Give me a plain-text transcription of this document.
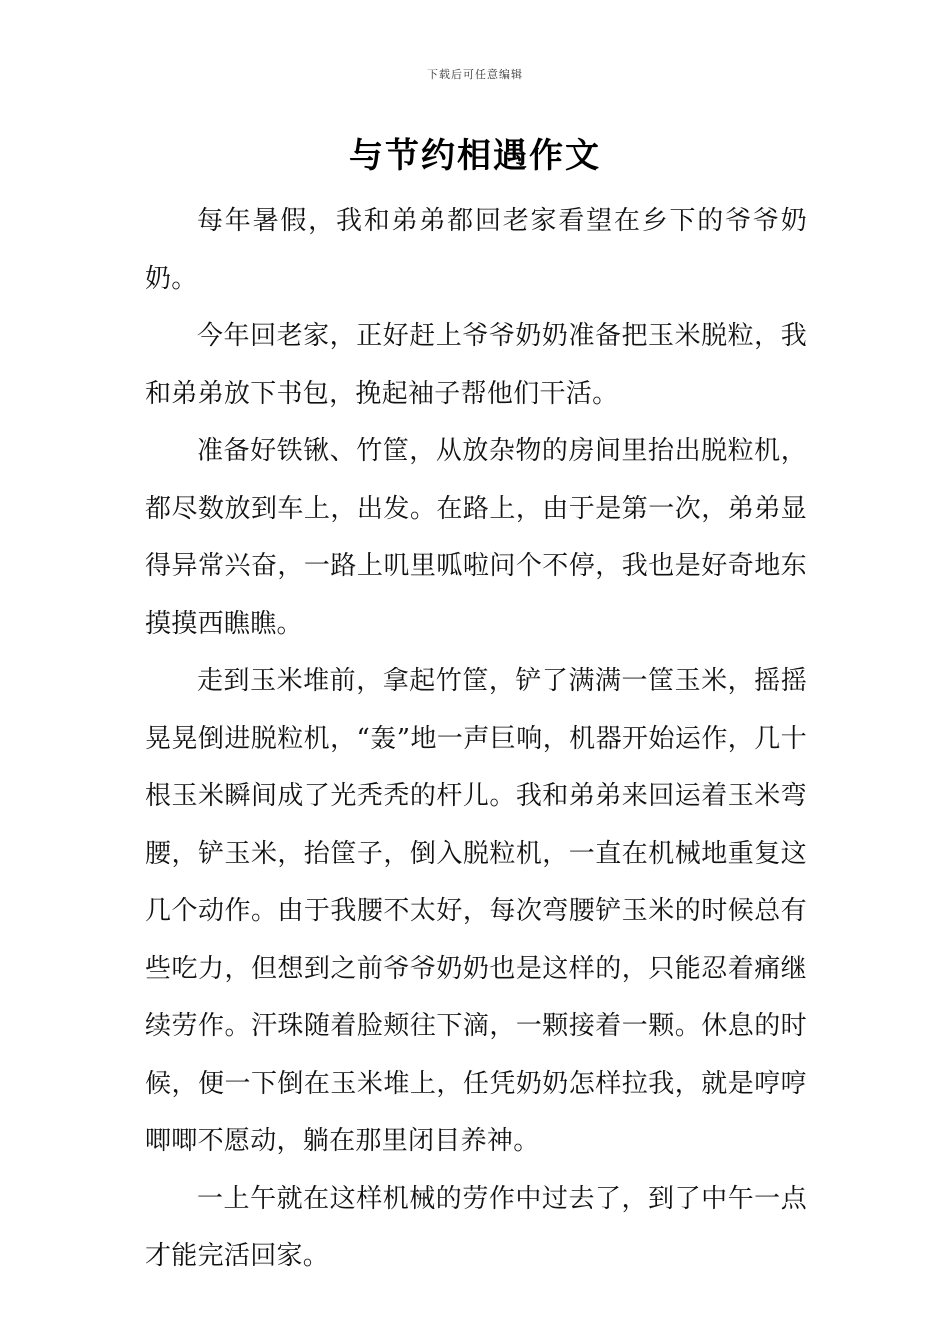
下载后可任意编辑
与节约相遇作文

每年暑假，我和弟弟都回老家看望在乡下的爷爷奶奶。

今年回老家，正好赶上爷爷奶奶准备把玉米脱粒，我和弟弟放下书包，挽起袖子帮他们干活。

准备好铁锹、竹筐，从放杂物的房间里抬出脱粒机，都尽数放到车上，出发。在路上，由于是第一次，弟弟显得异常兴奋，一路上叽里呱啦问个不停，我也是好奇地东摸摸西瞧瞧。

走到玉米堆前，拿起竹筐，铲了满满一筐玉米，摇摇晃晃倒进脱粒机，“轰”地一声巨响，机器开始运作，几十根玉米瞬间成了光秃秃的杆儿。我和弟弟来回运着玉米弯腰，铲玉米，抬筐子，倒入脱粒机，一直在机械地重复这几个动作。由于我腰不太好，每次弯腰铲玉米的时候总有些吃力，但想到之前爷爷奶奶也是这样的，只能忍着痛继续劳作。汗珠随着脸颊往下滴，一颗接着一颗。休息的时候，便一下倒在玉米堆上，任凭奶奶怎样拉我，就是哼哼唧唧不愿动，躺在那里闭目养神。

一上午就在这样机械的劳作中过去了，到了中午一点才能完活回家。
